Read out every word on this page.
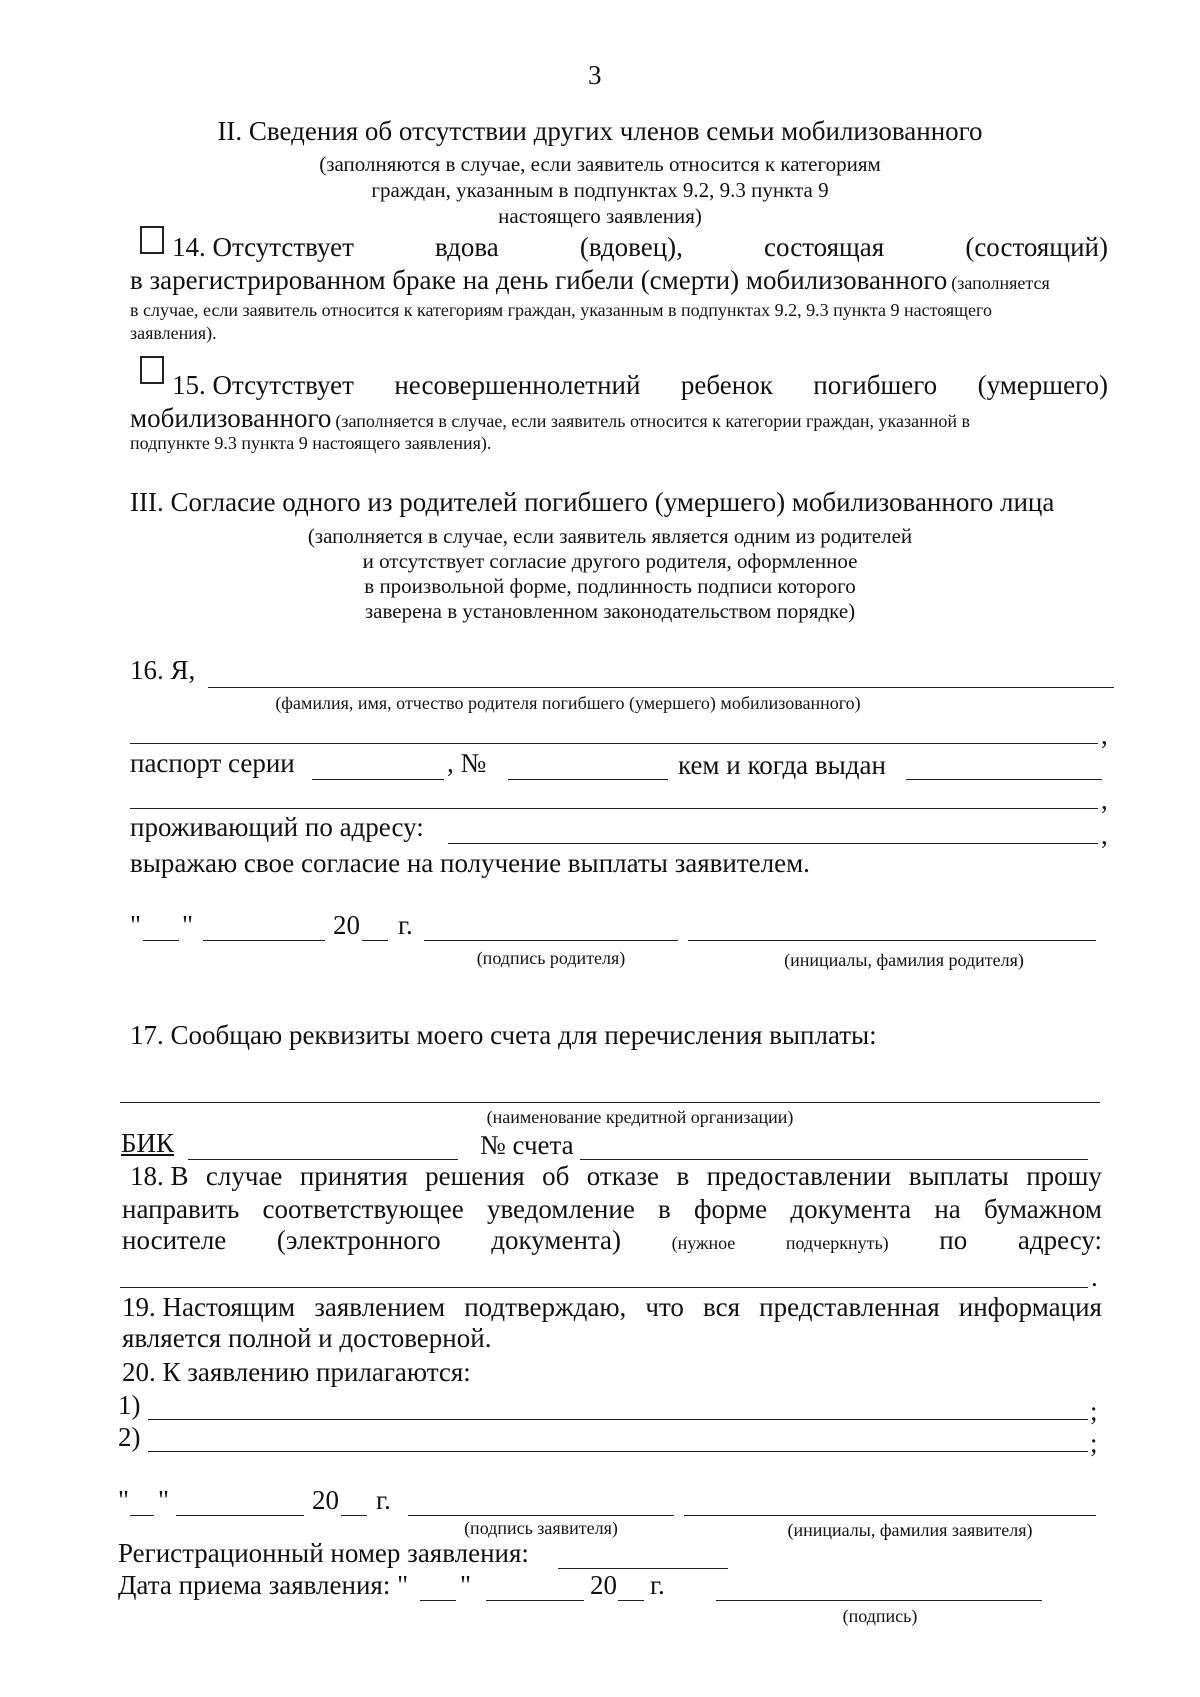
3
II. Сведения об отсутствии других членов семьи мобилизованного
(заполняются в случае, если заявитель относится к категориям
граждан, указанным в подпунктах 9.2, 9.3 пункта 9
настоящего заявления)
14. Отсутствует	вдова	(вдовец),	состоящая	(состоящий)
в зарегистрированном браке на день гибели (смерти) мобилизованного (заполняется
в случае, если заявитель относится к категориям граждан, указанным в подпунктах 9.2, 9.3 пункта 9 настоящего
заявления).
15. Отсутствует несовершеннолетний ребенок погибшего (умершего)
мобилизованного (заполняется в случае, если заявитель относится к категории граждан, указанной в
подпункте 9.3 пункта 9 настоящего заявления).
III. Согласие одного из родителей погибшего (умершего) мобилизованного лица
(заполняется в случае, если заявитель является одним из родителей
и отсутствует согласие другого родителя, оформленное
в произвольной форме, подлинность подписи которого
заверена в установленном законодательством порядке)
16. Я,
(фамилия, имя, отчество родителя погибшего (умершего) мобилизованного)
,
паспорт серии	, №	кем и когда выдан
,
проживающий по адресу:	,
выражаю свое согласие на получение выплаты заявителем.
" "	20 г.
(подпись родителя)	(инициалы, фамилия родителя)
17. Сообщаю реквизиты моего счета для перечисления выплаты:
(наименование кредитной организации)
БИК	№ счета
18. В случае принятия решения об отказе в предоставлении выплаты прошу
направить соответствующее уведомление в форме документа на бумажном
носителе (электронного документа)	(нужное	подчеркнуть) по адресу:
.
19. Настоящим заявлением подтверждаю, что вся представленная информация
является полной и достоверной.
20. К заявлению прилагаются:
1)	;
2)	;
" "	20 г.
(подпись заявителя)	(инициалы, фамилия заявителя)
Регистрационный номер заявления:
Дата приема заявления: " "	20 г.
(подпись)
